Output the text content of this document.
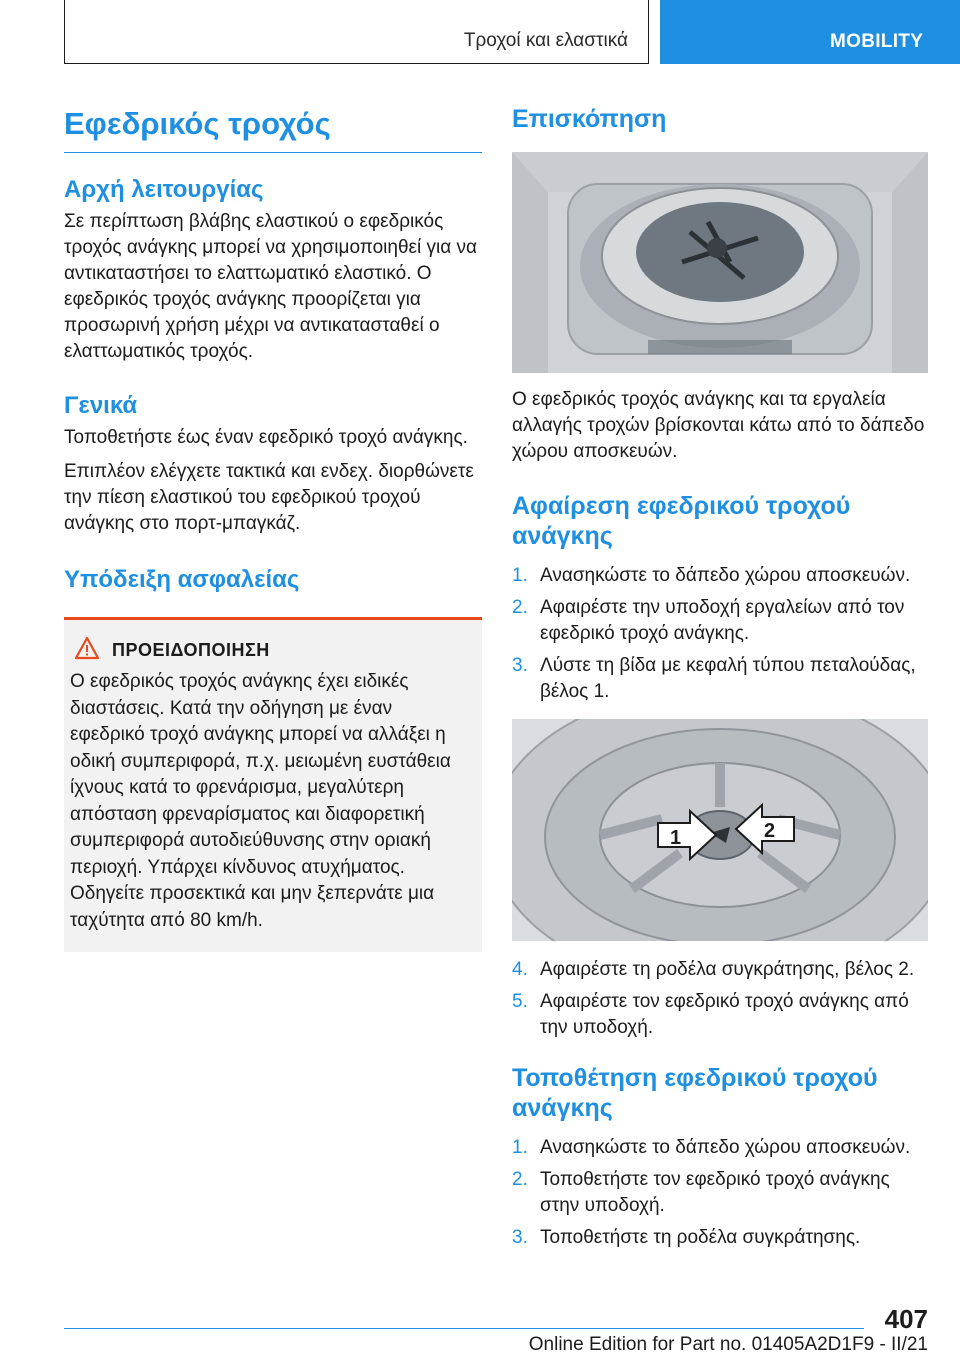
Τροχοί και ελαστικά	MOBILITY
Εφεδρικός τροχός
Αρχή λειτουργίας

Σε περίπτωση βλάβης ελαστικού ο εφεδρικός τροχός ανάγκης μπορεί να χρησιμοποιηθεί για να αντικαταστήσει το ελαττωματικό ελαστικό. Ο εφεδρικός τροχός ανάγκης προορίζεται για προσωρινή χρήση μέχρι να αντικατασταθεί ο ελαττωματικός τροχός.

Γενικά

Τοποθετήστε έως έναν εφεδρικό τροχό ανάγκης.

Επιπλέον ελέγχετε τακτικά και ενδεχ. διορθώνετε την πίεση ελαστικού του εφεδρικού τροχού ανάγκης στο πορτ-μπαγκάζ.

Υπόδειξη ασφαλείας
ΠΡΟΕΙΔΟΠΟΙΗΣΗ

Ο εφεδρικός τροχός ανάγκης έχει ειδικές διαστάσεις. Κατά την οδήγηση με έναν εφεδρικό τροχό ανάγκης μπορεί να αλλάξει η οδική συμπεριφορά, π.χ. μειωμένη ευστάθεια ίχνους κατά το φρενάρισμα, μεγαλύτερη απόσταση φρεναρίσματος και διαφορετική συμπεριφορά αυτοδιεύθυνσης στην οριακή περιοχή. Υπάρχει κίνδυνος ατυχήματος. Οδηγείτε προσεκτικά και μην ξεπερνάτε μια ταχύτητα από 80 km/h.

Επισκόπηση

Ο εφεδρικός τροχός ανάγκης και τα εργαλεία αλλαγής τροχών βρίσκονται κάτω από το δάπεδο χώρου αποσκευών.

Αφαίρεση εφεδρικού τροχού ανάγκης
1. Ανασηκώστε το δάπεδο χώρου αποσκευών.
2. Αφαιρέστε την υποδοχή εργαλείων από τον εφεδρικό τροχό ανάγκης.
3. Λύστε τη βίδα με κεφαλή τύπου πεταλούδας, βέλος 1.
1	2
4. Αφαιρέστε τη ροδέλα συγκράτησης, βέλος 2.
5. Αφαιρέστε τον εφεδρικό τροχό ανάγκης από την υποδοχή.
Τοποθέτηση εφεδρικού τροχού ανάγκης
1. Ανασηκώστε το δάπεδο χώρου αποσκευών.
2. Τοποθετήστε τον εφεδρικό τροχό ανάγκης στην υποδοχή.
3. Τοποθετήστε τη ροδέλα συγκράτησης.
407
Online Edition for Part no. 01405A2D1F9 - II/21
